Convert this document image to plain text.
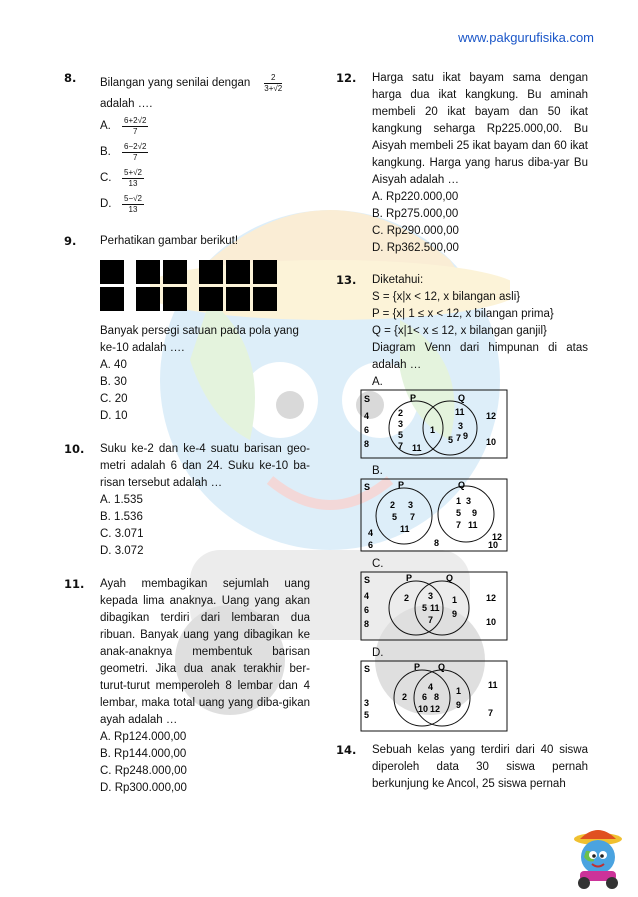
www.pakgurufisika.com
8. Bilangan yang senilai dengan $\frac{2}{3+√2}$
adalah ….
A.	$\frac{6+2√2}{7}$
B.	$\frac{6-2√2}{7}$
C.	$\frac{5+√2}{13}$
D.	$\frac{5-√2}{13}$
9. Perhatikan gambar berikut!
Banyak persegi satuan pada pola yang ke-10 adalah ….
A. 40
B. 30
C. 20
D. 10
10. Suku ke-2 dan ke-4 suatu barisan geo-metri adalah 6 dan 24. Suku ke-10 ba-risan tersebut adalah …
A. 1.535
B. 1.536
C. 3.071
D. 3.072
11. Ayah membagikan sejumlah uang kepada lima anaknya. Uang yang akan dibagikan terdiri dari lembaran dua ribuan. Banyak uang yang dibagikan ke anak-anaknya membentuk barisan geometri. Jika dua anak terakhir ber-turut-turut memperoleh 8 lembar dan 4 lembar, maka total uang yang diba-gikan ayah adalah …
A. Rp124.000,00
B. Rp144.000,00
C. Rp248.000,00
D. Rp300.000,00
12. Harga satu ikat bayam sama dengan harga dua ikat kangkung. Bu aminah membeli 20 ikat bayam dan 50 ikat kangkung seharga Rp225.000,00. Bu Aisyah membeli 25 ikat bayam dan 60 ikat kangkung. Harga yang harus diba-yar Bu Aisyah adalah …
A. Rp220.000,00
B. Rp275.000,00
C. Rp290.000,00
D. Rp362.500,00
13. Diketahui:
S = {x|x < 12, x bilangan asli}
P = {x| 1 ≤ x < 12, x bilangan prima}
Q = {x|1< x ≤ 12, x bilangan ganjil}
Diagram Venn dari himpunan di atas adalah …
A.
S	P	Q
4
6
8
2
3
5
7 11
1
11
3
5 7 9
12
10
B.
S	P	Q
2 3
5 7
11
1 3
5 9
7 11
4
6	8	10
12
C.
S	P	Q
4
6
8
2 3
5 11
7
1
9
12
10
D.
S	P Q
3
5
2
4
6 8
10 12
1
9
11
7
14. Sebuah kelas yang terdiri dari 40 siswa diperoleh data 30 siswa pernah berkunjung ke Ancol, 25 siswa pernah
